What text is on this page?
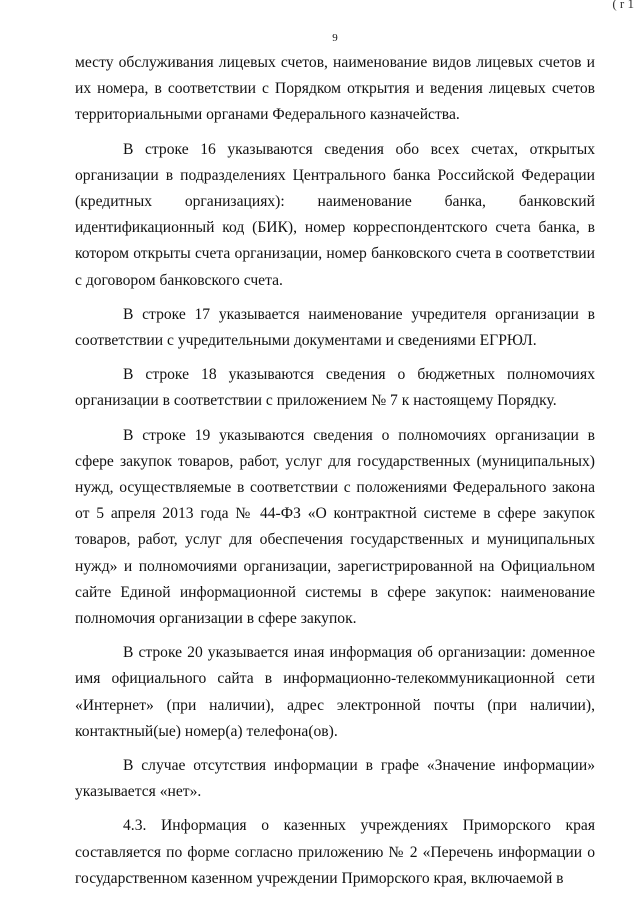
( r 1
9

месту обслуживания лицевых счетов, наименование видов лицевых счетов и их номера, в соответствии с Порядком открытия и ведения лицевых счетов территориальными органами Федерального казначейства.

В строке 16 указываются сведения обо всех счетах, открытых организации в подразделениях Центрального банка Российской Федерации (кредитных организациях): наименование банка, банковский идентификационный код (БИК), номер корреспондентского счета банка, в котором открыты счета организации, номер банковского счета в соответствии с договором банковского счета.

В строке 17 указывается наименование учредителя организации в соответствии с учредительными документами и сведениями ЕГРЮЛ.

В строке 18 указываются сведения о бюджетных полномочиях организации в соответствии с приложением № 7 к настоящему Порядку.

В строке 19 указываются сведения о полномочиях организации в сфере закупок товаров, работ, услуг для государственных (муниципальных) нужд, осуществляемые в соответствии с положениями Федерального закона от 5 апреля 2013 года № 44-ФЗ «О контрактной системе в сфере закупок товаров, работ, услуг для обеспечения государственных и муниципальных нужд» и полномочиями организации, зарегистрированной на Официальном сайте Единой информационной системы в сфере закупок: наименование полномочия организации в сфере закупок.

В строке 20 указывается иная информация об организации: доменное имя официального сайта в информационно-телекоммуникационной сети «Интернет» (при наличии), адрес электронной почты (при наличии), контактный(ые) номер(а) телефона(ов).

В случае отсутствия информации в графе «Значение информации» указывается «нет».

4.3. Информация о казенных учреждениях Приморского края составляется по форме согласно приложению № 2 «Перечень информации о государственном казенном учреждении Приморского края, включаемой в
